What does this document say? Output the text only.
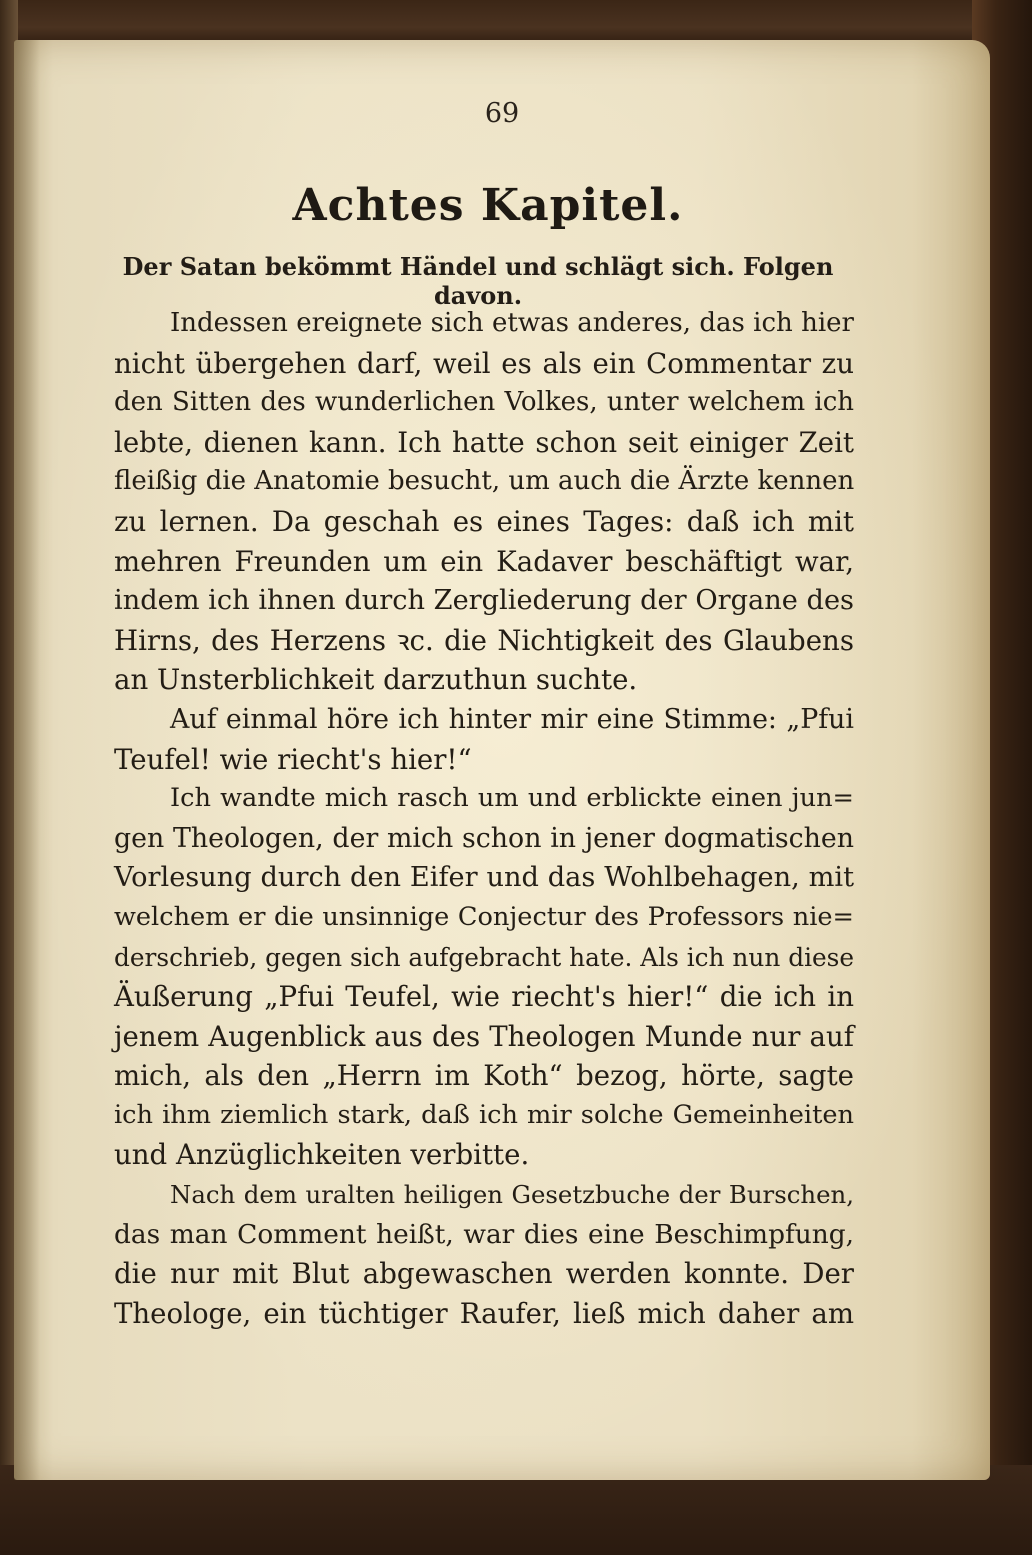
69
Achtes Kapitel.
Der Satan bekömmt Händel und schlägt sich. Folgen davon.
Indessen ereignete sich etwas anderes, das ich hier
nicht übergehen darf, weil es als ein Commentar zu
den Sitten des wunderlichen Volkes, unter welchem ich
lebte, dienen kann. Ich hatte schon seit einiger Zeit
fleißig die Anatomie besucht, um auch die Ärzte kennen
zu lernen. Da geschah es eines Tages: daß ich mit
mehren Freunden um ein Kadaver beschäftigt war,
indem ich ihnen durch Zergliederung der Organe des
Hirns, des Herzens ꝛc. die Nichtigkeit des Glaubens
an Unsterblichkeit darzuthun suchte.
Auf einmal höre ich hinter mir eine Stimme: „Pfui
Teufel! wie riecht's hier!“
Ich wandte mich rasch um und erblickte einen jun=
gen Theologen, der mich schon in jener dogmatischen
Vorlesung durch den Eifer und das Wohlbehagen, mit
welchem er die unsinnige Conjectur des Professors nie=
derschrieb, gegen sich aufgebracht hate. Als ich nun diese
Äußerung „Pfui Teufel, wie riecht's hier!“ die ich in
jenem Augenblick aus des Theologen Munde nur auf
mich, als den „Herrn im Koth“ bezog, hörte, sagte
ich ihm ziemlich stark, daß ich mir solche Gemeinheiten
und Anzüglichkeiten verbitte.
Nach dem uralten heiligen Gesetzbuche der Burschen,
das man Comment heißt, war dies eine Beschimpfung,
die nur mit Blut abgewaschen werden konnte. Der
Theologe, ein tüchtiger Raufer, ließ mich daher am
